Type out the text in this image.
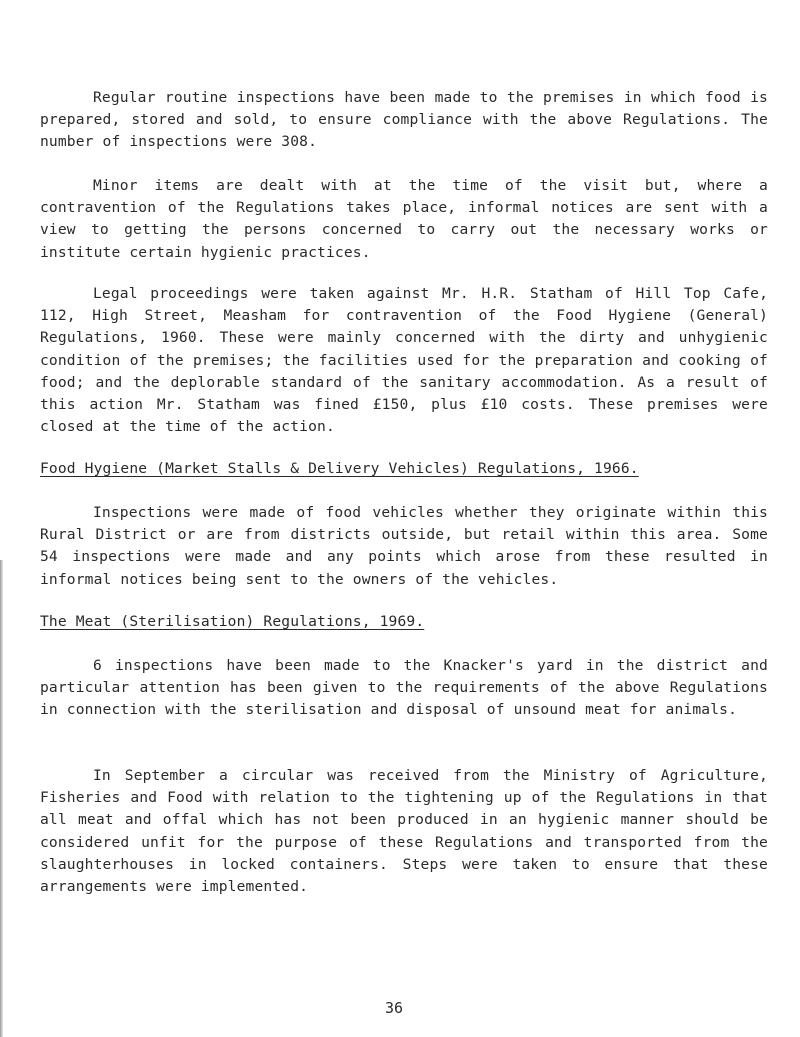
Regular routine inspections have been made to the premises in which food is prepared, stored and sold, to ensure compliance with the above Regulations. The number of inspections were 308.

Minor items are dealt with at the time of the visit but, where a contravention of the Regulations takes place, informal notices are sent with a view to getting the persons concerned to carry out the necessary works or institute certain hygienic practices.

Legal proceedings were taken against Mr. H.R. Statham of Hill Top Cafe, 112, High Street, Measham for contravention of the Food Hygiene (General) Regulations, 1960. These were mainly concerned with the dirty and unhygienic condition of the premises; the facilities used for the preparation and cooking of food; and the deplorable standard of the sanitary accommodation. As a result of this action Mr. Statham was fined £150, plus £10 costs. These premises were closed at the time of the action.

Food Hygiene (Market Stalls & Delivery Vehicles) Regulations, 1966.

Inspections were made of food vehicles whether they originate within this Rural District or are from districts outside, but retail within this area. Some 54 inspections were made and any points which arose from these resulted in informal notices being sent to the owners of the vehicles.

The Meat (Sterilisation) Regulations, 1969.

6 inspections have been made to the Knacker's yard in the district and particular attention has been given to the requirements of the above Regulations in connection with the sterilisation and disposal of unsound meat for animals.

In September a circular was received from the Ministry of Agriculture, Fisheries and Food with relation to the tightening up of the Regulations in that all meat and offal which has not been produced in an hygienic manner should be considered unfit for the purpose of these Regulations and transported from the slaughterhouses in locked containers. Steps were taken to ensure that these arrangements were implemented.

36
